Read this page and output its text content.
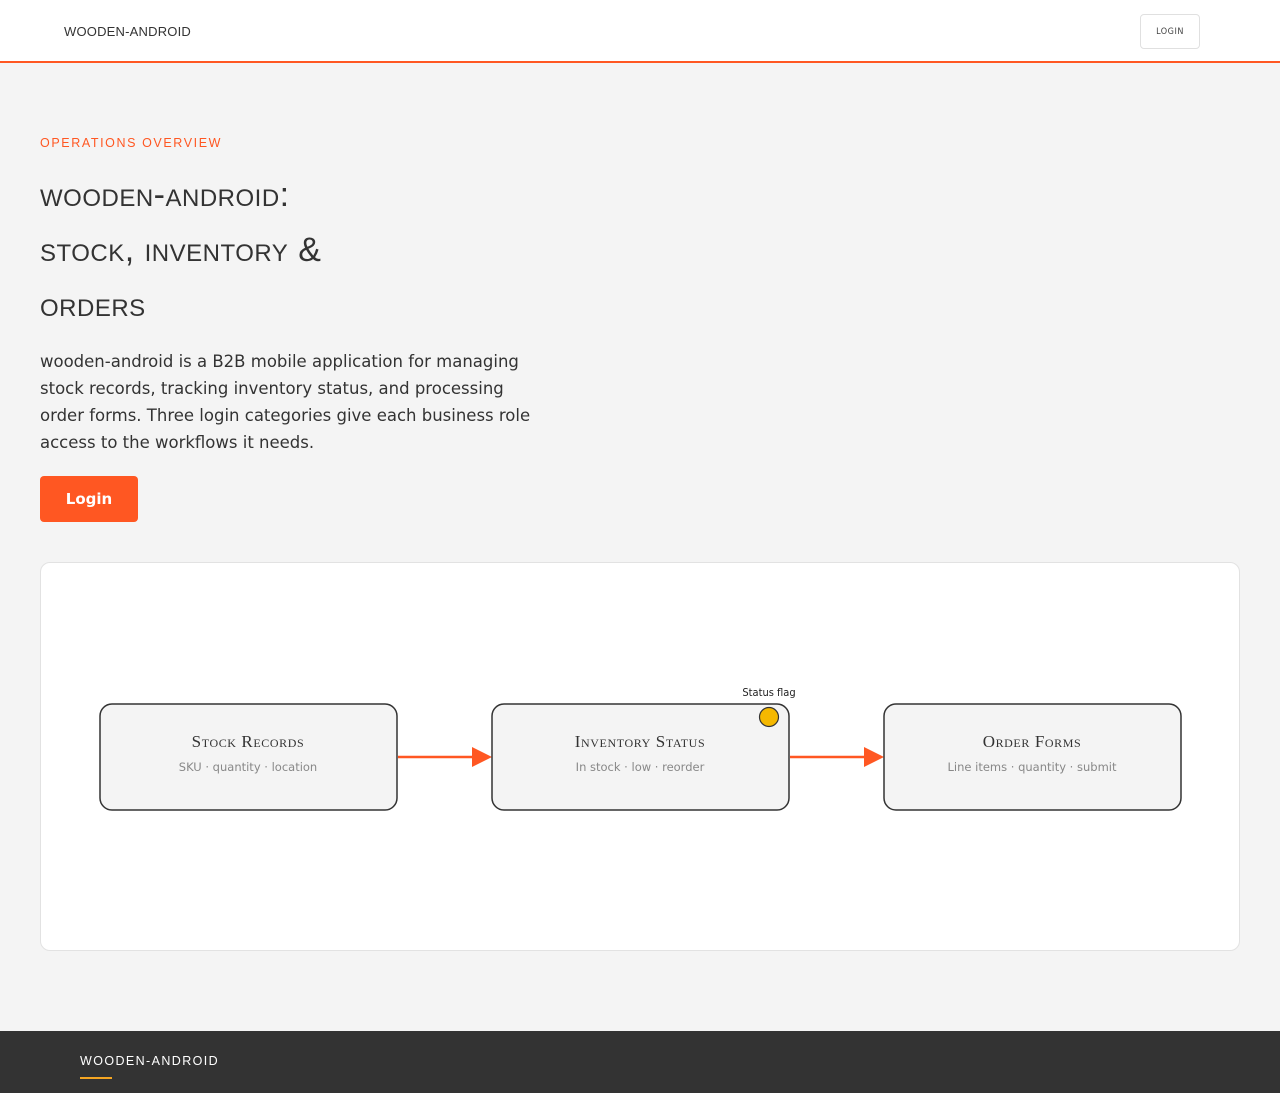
WOODEN-ANDROID	LOGIN
OPERATIONS OVERVIEW
wooden-android:
stock, inventory &
orders

wooden-android is a B2B mobile application for managing stock records, tracking inventory status, and processing order forms. Three login categories give each business role access to the workflows it needs.

Login
Stock Records
SKU · quantity · location
Inventory Status
In stock · low · reorder
Status flag
Order Forms
Line items · quantity · submit
WOODEN-ANDROID
